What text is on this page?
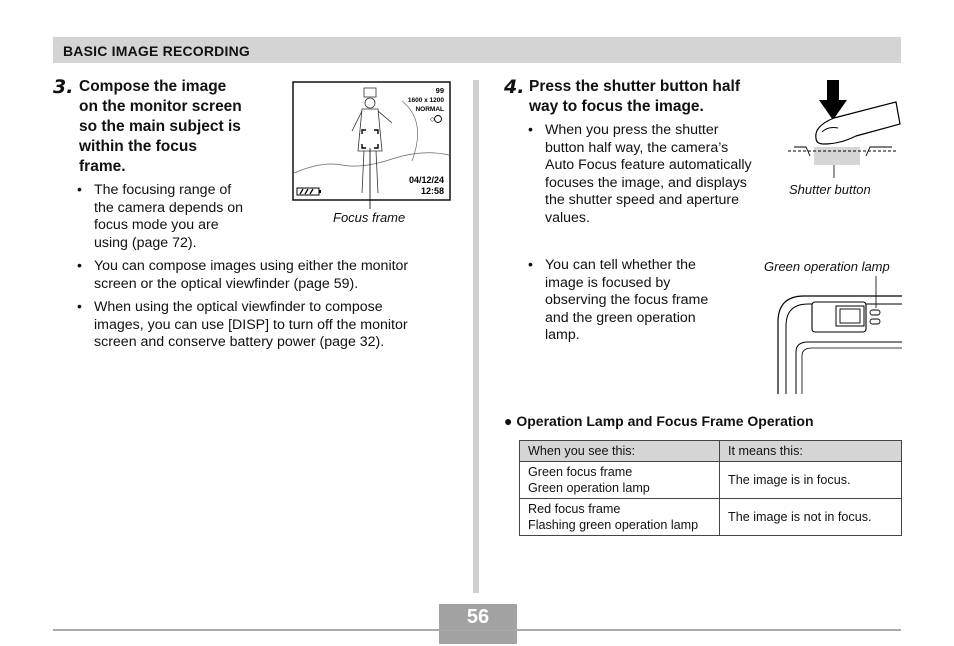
BASIC IMAGE RECORDING
3. Compose the image
on the monitor screen
so the main subject is
within the focus
frame.
• The focusing range of
the camera depends on
focus mode you are
using (page 72).
• You can compose images using either the monitor
screen or the optical viewfinder (page 59).
• When using the optical viewfinder to compose
images, you can use [DISP] to turn off the monitor
screen and conserve battery power (page 32).
99
1600 x 1200
NORMAL
◇
04/12/24
12:58
Focus frame
4. Press the shutter button half
way to focus the image.
• When you press the shutter
button half way, the camera’s
Auto Focus feature automatically
focuses the image, and displays
the shutter speed and aperture
values.
Shutter button
• You can tell whether the
image is focused by
observing the focus frame
and the green operation
lamp.
Green operation lamp
● Operation Lamp and Focus Frame Operation
When you see this:	It means this:

Green focus frame
Green operation lamp	The image is in focus.

Red focus frame
Flashing green operation lamp	The image is not in focus.
56
